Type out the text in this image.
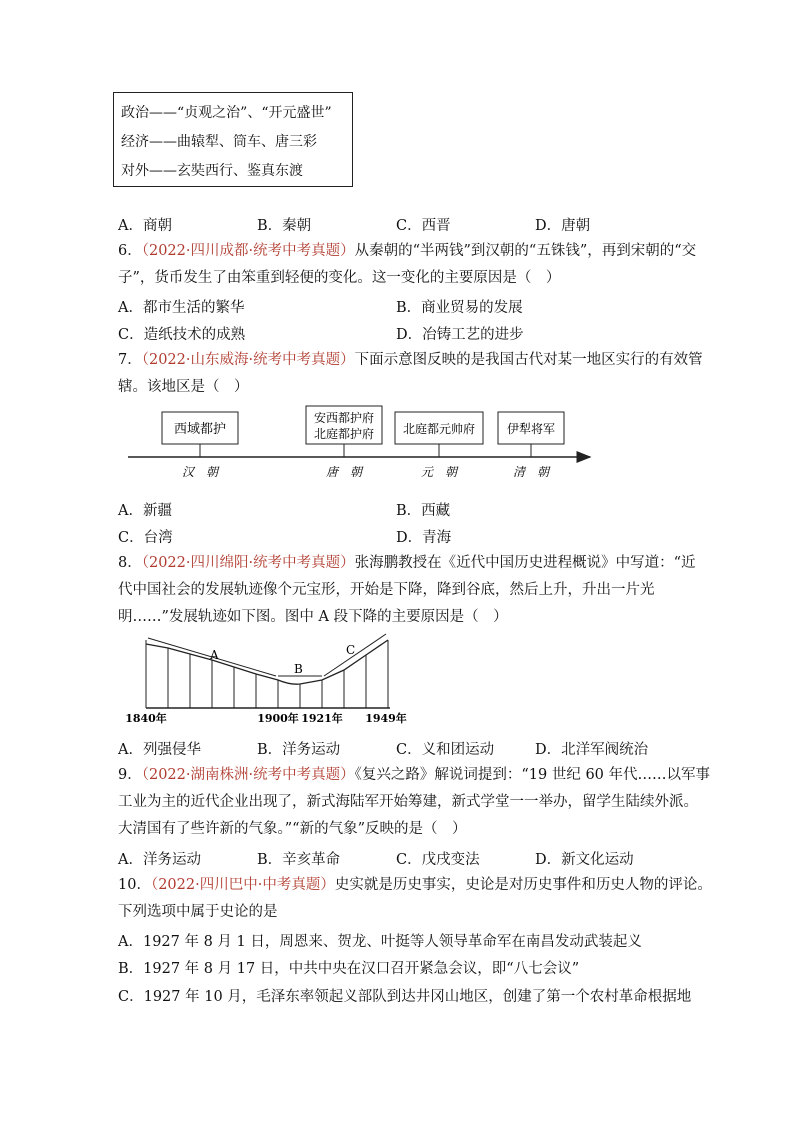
政治——“贞观之治”、“开元盛世”
经济——曲辕犁、筒车、唐三彩
对外——玄奘西行、鉴真东渡
A．商朝	B．秦朝	C．西晋	D．唐朝
6．（2022·四川成都·统考中考真题）从秦朝的“半两钱”到汉朝的“五铢钱”，再到宋朝的“交
子”，货币发生了由笨重到轻便的变化。这一变化的主要原因是（　）
A．都市生活的繁华	B．商业贸易的发展
C．造纸技术的成熟	D．冶铸工艺的进步
7．（2022·山东威海·统考中考真题）下面示意图反映的是我国古代对某一地区实行的有效管
辖。该地区是（　）
西域都护
安西都护府
北庭都护府 北庭都元帅府	伊犁将军
汉　朝	唐　朝	元　朝	清　朝
A．新疆	B．西藏
C．台湾	D．青海
8．（2022·四川绵阳·统考中考真题）张海鹏教授在《近代中国历史进程概说》中写道：“近
代中国社会的发展轨迹像个元宝形，开始是下降，降到谷底，然后上升，升出一片光
明……”发展轨迹如下图。图中 A 段下降的主要原因是（　）
A
B
C
1840年	1900年 1921年 1949年
A．列强侵华	B．洋务运动	C．义和团运动	D．北洋军阀统治
9．（2022·湖南株洲·统考中考真题）《复兴之路》解说词提到：“19 世纪 60 年代……以军事
工业为主的近代企业出现了，新式海陆军开始筹建，新式学堂一一举办，留学生陆续外派。
大清国有了些许新的气象。”“新的气象”反映的是（　）
A．洋务运动	B．辛亥革命	C．戊戌变法	D．新文化运动
10．（2022·四川巴中·中考真题）史实就是历史事实，史论是对历史事件和历史人物的评论。
下列选项中属于史论的是
A．1927 年 8 月 1 日，周恩来、贺龙、叶挺等人领导革命军在南昌发动武装起义
B．1927 年 8 月 17 日，中共中央在汉口召开紧急会议，即“八七会议”
C．1927 年 10 月，毛泽东率领起义部队到达井冈山地区，创建了第一个农村革命根据地
